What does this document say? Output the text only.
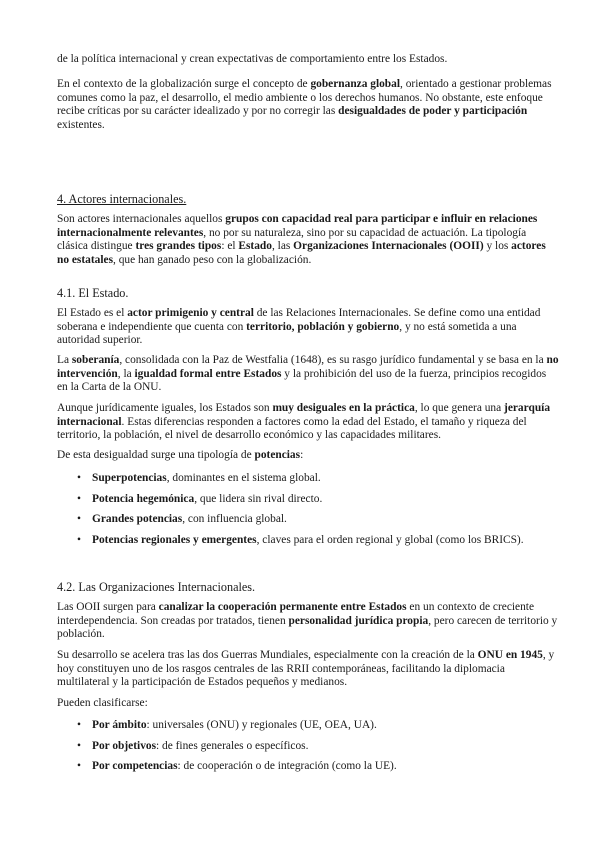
de la política internacional y crean expectativas de comportamiento entre los Estados.

En el contexto de la globalización surge el concepto de gobernanza global, orientado a gestionar problemas comunes como la paz, el desarrollo, el medio ambiente o los derechos humanos. No obstante, este enfoque recibe críticas por su carácter idealizado y por no corregir las desigualdades de poder y participación existentes.

4. Actores internacionales.

Son actores internacionales aquellos grupos con capacidad real para participar e influir en relaciones internacionalmente relevantes, no por su naturaleza, sino por su capacidad de actuación. La tipología clásica distingue tres grandes tipos: el Estado, las Organizaciones Internacionales (OOII) y los actores no estatales, que han ganado peso con la globalización.

4.1. El Estado.

El Estado es el actor primigenio y central de las Relaciones Internacionales. Se define como una entidad soberana e independiente que cuenta con territorio, población y gobierno, y no está sometida a una autoridad superior.

La soberanía, consolidada con la Paz de Westfalia (1648), es su rasgo jurídico fundamental y se basa en la no intervención, la igualdad formal entre Estados y la prohibición del uso de la fuerza, principios recogidos en la Carta de la ONU.

Aunque jurídicamente iguales, los Estados son muy desiguales en la práctica, lo que genera una jerarquía internacional. Estas diferencias responden a factores como la edad del Estado, el tamaño y riqueza del territorio, la población, el nivel de desarrollo económico y las capacidades militares.

De esta desigualdad surge una tipología de potencias:

• Superpotencias, dominantes en el sistema global.
• Potencia hegemónica, que lidera sin rival directo.
• Grandes potencias, con influencia global.
• Potencias regionales y emergentes, claves para el orden regional y global (como los BRICS).
4.2. Las Organizaciones Internacionales.

Las OOII surgen para canalizar la cooperación permanente entre Estados en un contexto de creciente interdependencia. Son creadas por tratados, tienen personalidad jurídica propia, pero carecen de territorio y población.

Su desarrollo se acelera tras las dos Guerras Mundiales, especialmente con la creación de la ONU en 1945, y hoy constituyen uno de los rasgos centrales de las RRII contemporáneas, facilitando la diplomacia multilateral y la participación de Estados pequeños y medianos.

Pueden clasificarse:

• Por ámbito: universales (ONU) y regionales (UE, OEA, UA).
• Por objetivos: de fines generales o específicos.
• Por competencias: de cooperación o de integración (como la UE).
